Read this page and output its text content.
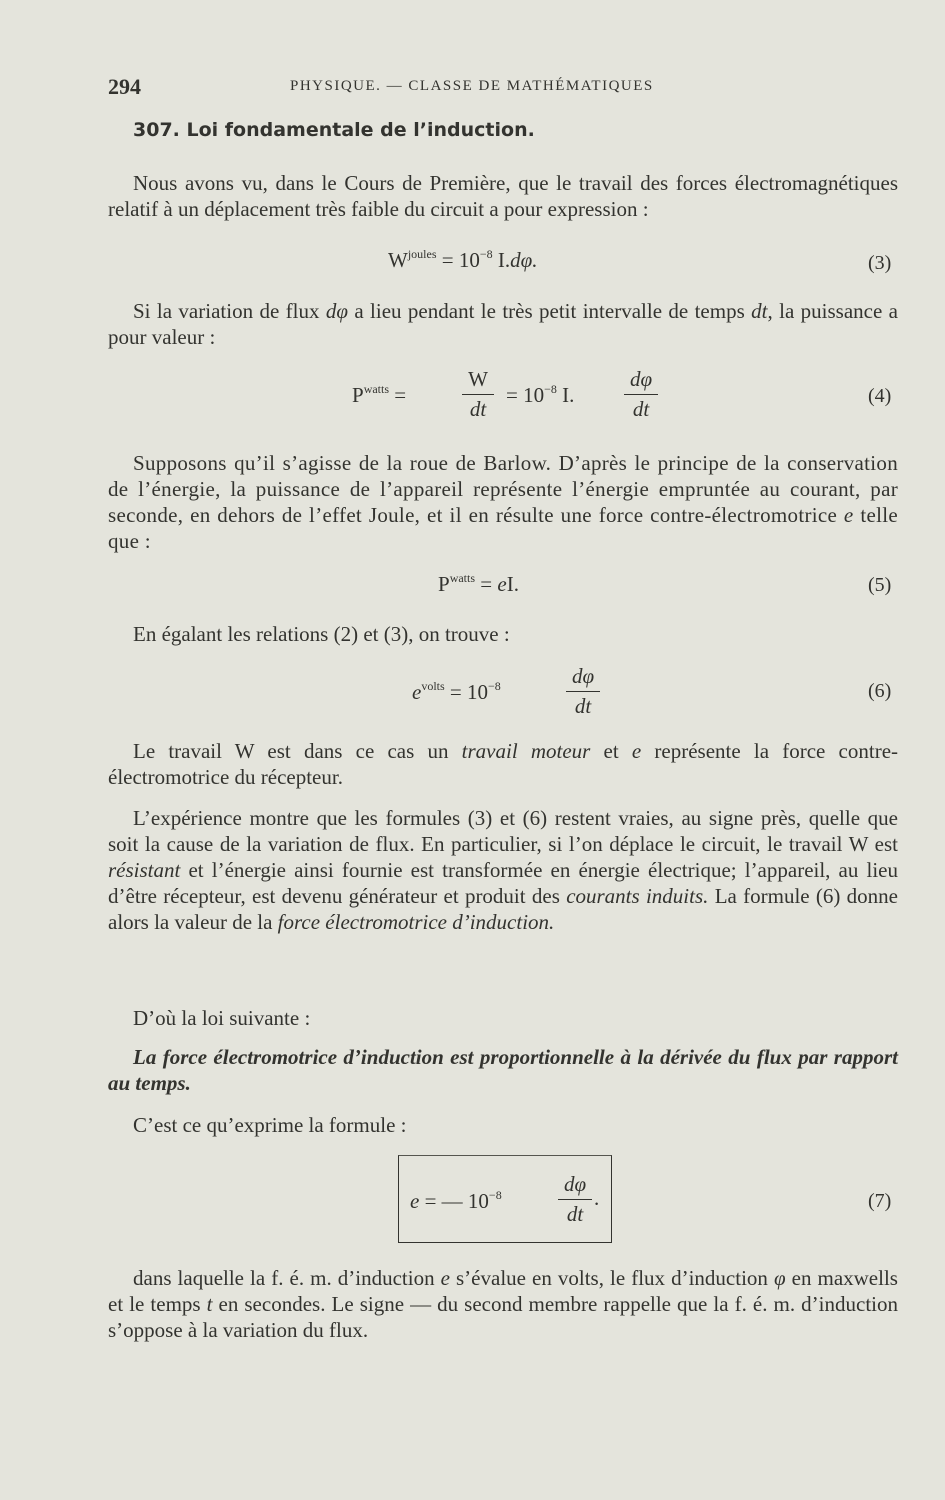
294	PHYSIQUE. — CLASSE DE MATHÉMATIQUES
307. Loi fondamentale de l’induction.

Nous avons vu, dans le Cours de Première, que le travail des forces électromagnétiques relatif à un déplacement très faible du circuit a pour expression :

$W^{joules} = 10^{-8}$ I.dφ.	(3)

Si la variation de flux dφ a lieu pendant le très petit intervalle de temps dt, la puissance a pour valeur :

$P^{watts}$ =	$\frac{W}{dt} = 10^{-8}$ I. $\frac{d\varphi}{dt}$	(4)

Supposons qu’il s’agisse de la roue de Barlow. D’après le principe de la conservation de l’énergie, la puissance de l’appareil représente l’énergie empruntée au courant, par seconde, en dehors de l’effet Joule, et il en résulte une force contre-électromotrice e telle que :

$P^{watts}$ = eI.	(5)

En égalant les relations (2) et (3), on trouve :

$e^{volts} = 10^{-8}$	$\frac{d\varphi}{dt}$	(6)

Le travail W est dans ce cas un travail moteur et e représente la force contre-électromotrice du récepteur.

L’expérience montre que les formules (3) et (6) restent vraies, au signe près, quelle que soit la cause de la variation de flux. En particulier, si l’on déplace le circuit, le travail W est résistant et l’énergie ainsi fournie est transformée en énergie électrique; l’appareil, au lieu d’être récepteur, est devenu générateur et produit des courants induits. La formule (6) donne alors la valeur de la force électromotrice d’induction.

D’où la loi suivante :

La force électromotrice d’induction est proportionnelle à la dérivée du flux par rapport au temps.

C’est ce qu’exprime la formule :

e = — $10^{-8}$	$\frac{d\varphi}{dt}$ .	(7)

dans laquelle la f. é. m. d’induction e s’évalue en volts, le flux d’induction φ en maxwells et le temps t en secondes. Le signe — du second membre rappelle que la f. é. m. d’induction s’oppose à la variation du flux.
